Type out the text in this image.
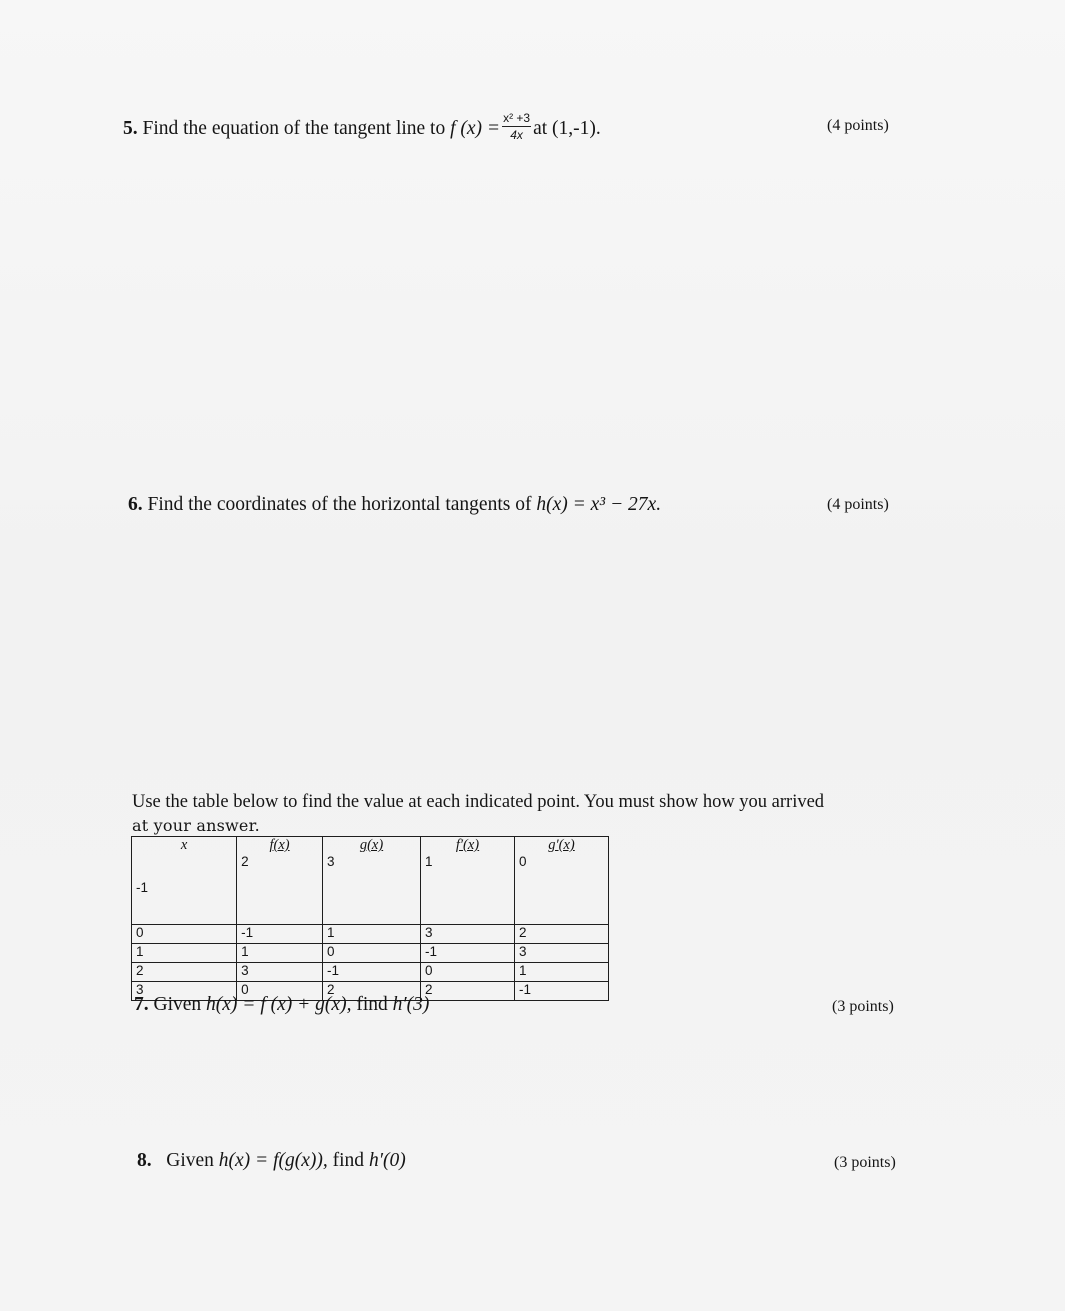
5. Find the equation of the tangent line to f $(x) = \frac{\text{x² +3}}{4x}$ at (1,-1).	(4 points)
6. Find the coordinates of the horizontal tangents of h(x) = x³ − 27x.	(4 points)
Use the table below to find the value at each indicated point. You must show how you arrived
at your answer.
x	f(x)	g(x)	f′(x)	g′(x)
-1	2	3	1	0
0	-1	1	3	2
1	1	0	-1	3
2	3	-1	0	1
3	0	2	2	-1
7. Given h(x) = f (x) + g(x), find h′(3)	(3 points)
8. Given h(x) = f(g(x)), find h′(0)	(3 points)
